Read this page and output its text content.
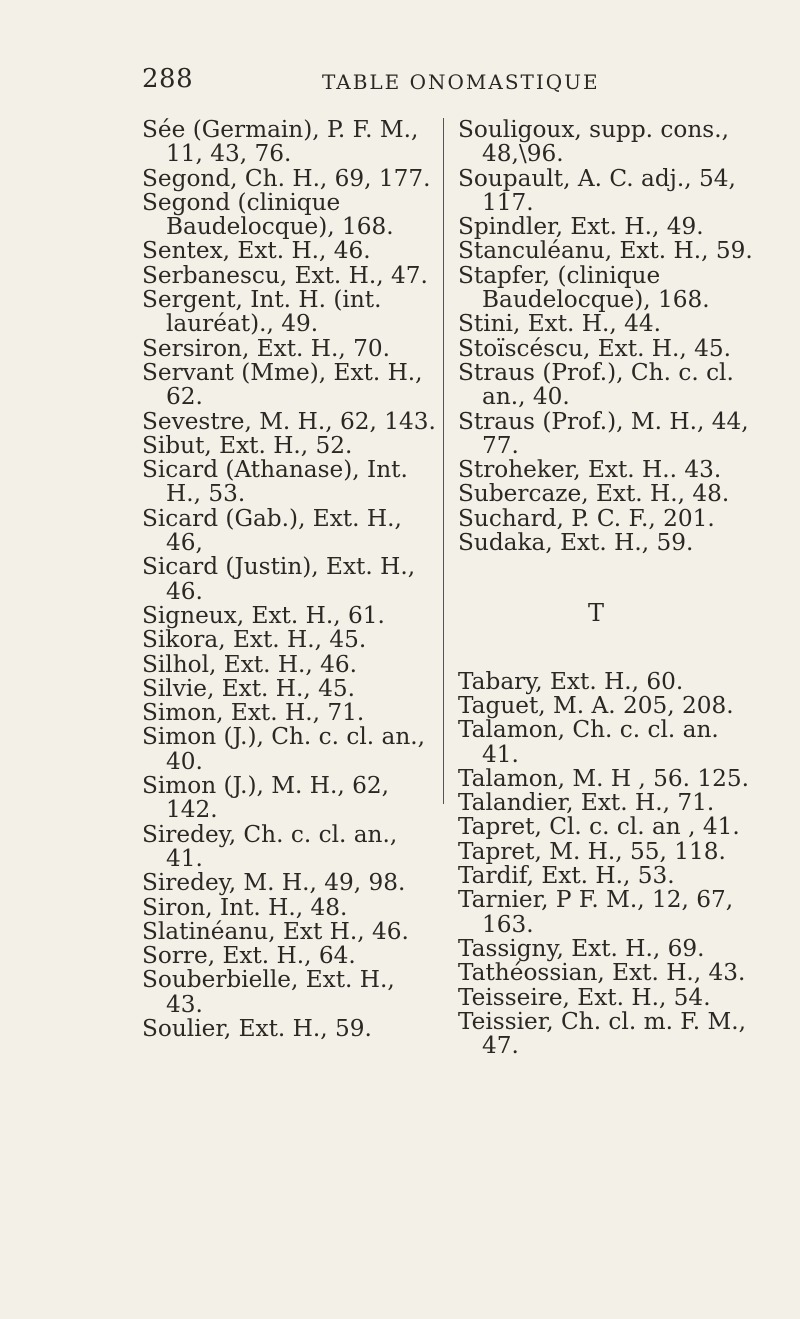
288	TABLE ONOMASTIQUE
Sée (Germain), P. F. M., 11, 43, 76.
Segond, Ch. H., 69, 177.
Segond (clinique Baudelocque), 168.
Sentex, Ext. H., 46.
Serbanescu, Ext. H., 47.
Sergent, Int. H. (int. lauréat)., 49.
Sersiron, Ext. H., 70.
Servant (Mme), Ext. H., 62.
Sevestre, M. H., 62, 143.
Sibut, Ext. H., 52.
Sicard (Athanase), Int. H., 53.
Sicard (Gab.), Ext. H., 46,
Sicard (Justin), Ext. H., 46.
Signeux, Ext. H., 61.
Sikora, Ext. H., 45.
Silhol, Ext. H., 46.
Silvie, Ext. H., 45.
Simon, Ext. H., 71.
Simon (J.), Ch. c. cl. an., 40.
Simon (J.), M. H., 62, 142.
Siredey, Ch. c. cl. an., 41.
Siredey, M. H., 49, 98.
Siron, Int. H., 48.
Slatinéanu, Ext H., 46.
Sorre, Ext. H., 64.
Souberbielle, Ext. H., 43.
Soulier, Ext. H., 59.
Souligoux, supp. cons., 48,\96.
Soupault, A. C. adj., 54, 117.
Spindler, Ext. H., 49.
Stanculéanu, Ext. H., 59.
Stapfer, (clinique Baudelocque), 168.
Stini, Ext. H., 44.
Stoïscéscu, Ext. H., 45.
Straus (Prof.), Ch. c. cl. an., 40.
Straus (Prof.), M. H., 44, 77.
Stroheker, Ext. H.. 43.
Subercaze, Ext. H., 48.
Suchard, P. C. F., 201.
Sudaka, Ext. H., 59.
T
Tabary, Ext. H., 60.
Taguet, M. A. 205, 208.
Talamon, Ch. c. cl. an. 41.
Talamon, M. H , 56. 125.
Talandier, Ext. H., 71.
Tapret, Cl. c. cl. an , 41.
Tapret, M. H., 55, 118.
Tardif, Ext. H., 53.
Tarnier, P F. M., 12, 67, 163.
Tassigny, Ext. H., 69.
Tathéossian, Ext. H., 43.
Teisseire, Ext. H., 54.
Teissier, Ch. cl. m. F. M., 47.
